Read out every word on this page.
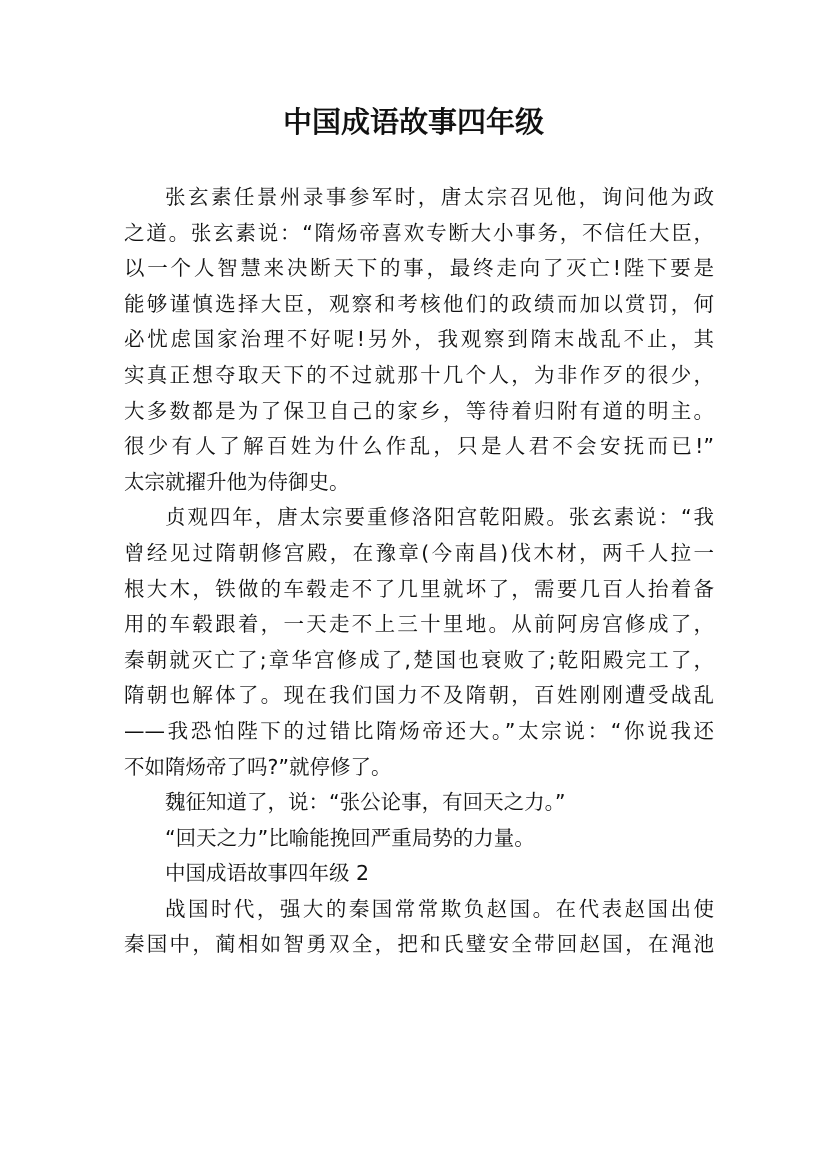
中国成语故事四年级
张玄素任景州录事参军时，唐太宗召见他，询问他为政
之道。张玄素说：“隋炀帝喜欢专断大小事务，不信任大臣，
以一个人智慧来决断天下的事，最终走向了灭亡!陛下要是
能够谨慎选择大臣，观察和考核他们的政绩而加以赏罚，何
必忧虑国家治理不好呢!另外，我观察到隋末战乱不止，其
实真正想夺取天下的不过就那十几个人，为非作歹的很少，
大多数都是为了保卫自己的家乡，等待着归附有道的明主。
很少有人了解百姓为什么作乱，只是人君不会安抚而已!”
太宗就擢升他为侍御史。
贞观四年，唐太宗要重修洛阳宫乾阳殿。张玄素说：“我
曾经见过隋朝修宫殿，在豫章(今南昌)伐木材，两千人拉一
根大木，铁做的车毂走不了几里就坏了，需要几百人抬着备
用的车毂跟着，一天走不上三十里地。从前阿房宫修成了，
秦朝就灭亡了;章华宫修成了,楚国也衰败了;乾阳殿完工了，
隋朝也解体了。现在我们国力不及隋朝，百姓刚刚遭受战乱
——我恐怕陛下的过错比隋炀帝还大。”太宗说：“你说我还
不如隋炀帝了吗?”就停修了。
魏征知道了，说：“张公论事，有回天之力。”
“回天之力”比喻能挽回严重局势的力量。
中国成语故事四年级 2
战国时代，强大的秦国常常欺负赵国。在代表赵国出使
秦国中，蔺相如智勇双全，把和氏璧安全带回赵国，在渑池
